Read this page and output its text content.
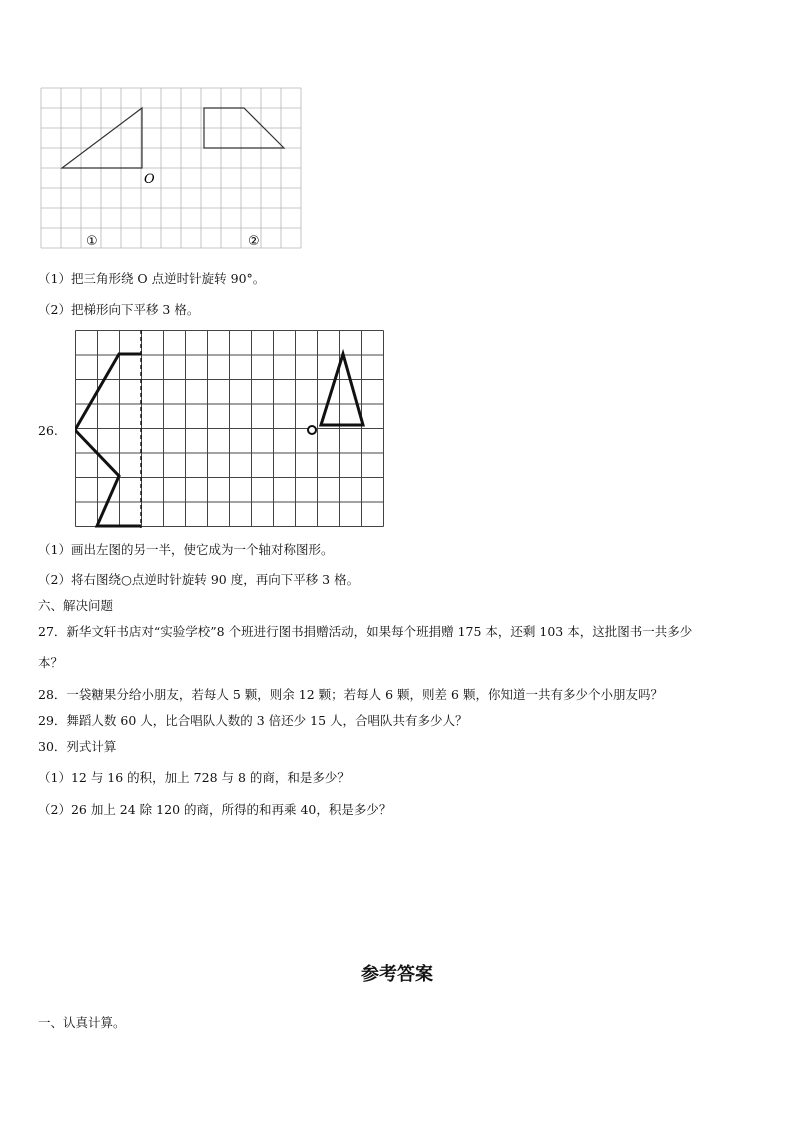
O
①	②
（1）把三角形绕 O 点逆时针旋转 90°。
（2）把梯形向下平移 3 格。
26.
（1）画出左图的另一半，使它成为一个轴对称图形。
（2）将右图绕○点逆时针旋转 90 度，再向下平移 3 格。
六、解决问题
27．新华文轩书店对“实验学校”8 个班进行图书捐赠活动，如果每个班捐赠 175 本，还剩 103 本，这批图书一共多少
本？
28．一袋糖果分给小朋友，若每人 5 颗，则余 12 颗；若每人 6 颗，则差 6 颗，你知道一共有多少个小朋友吗？
29．舞蹈人数 60 人，比合唱队人数的 3 倍还少 15 人，合唱队共有多少人？
30．列式计算
（1）12 与 16 的积，加上 728 与 8 的商，和是多少？
（2）26 加上 24 除 120 的商，所得的和再乘 40，积是多少？
参考答案
一、认真计算。
